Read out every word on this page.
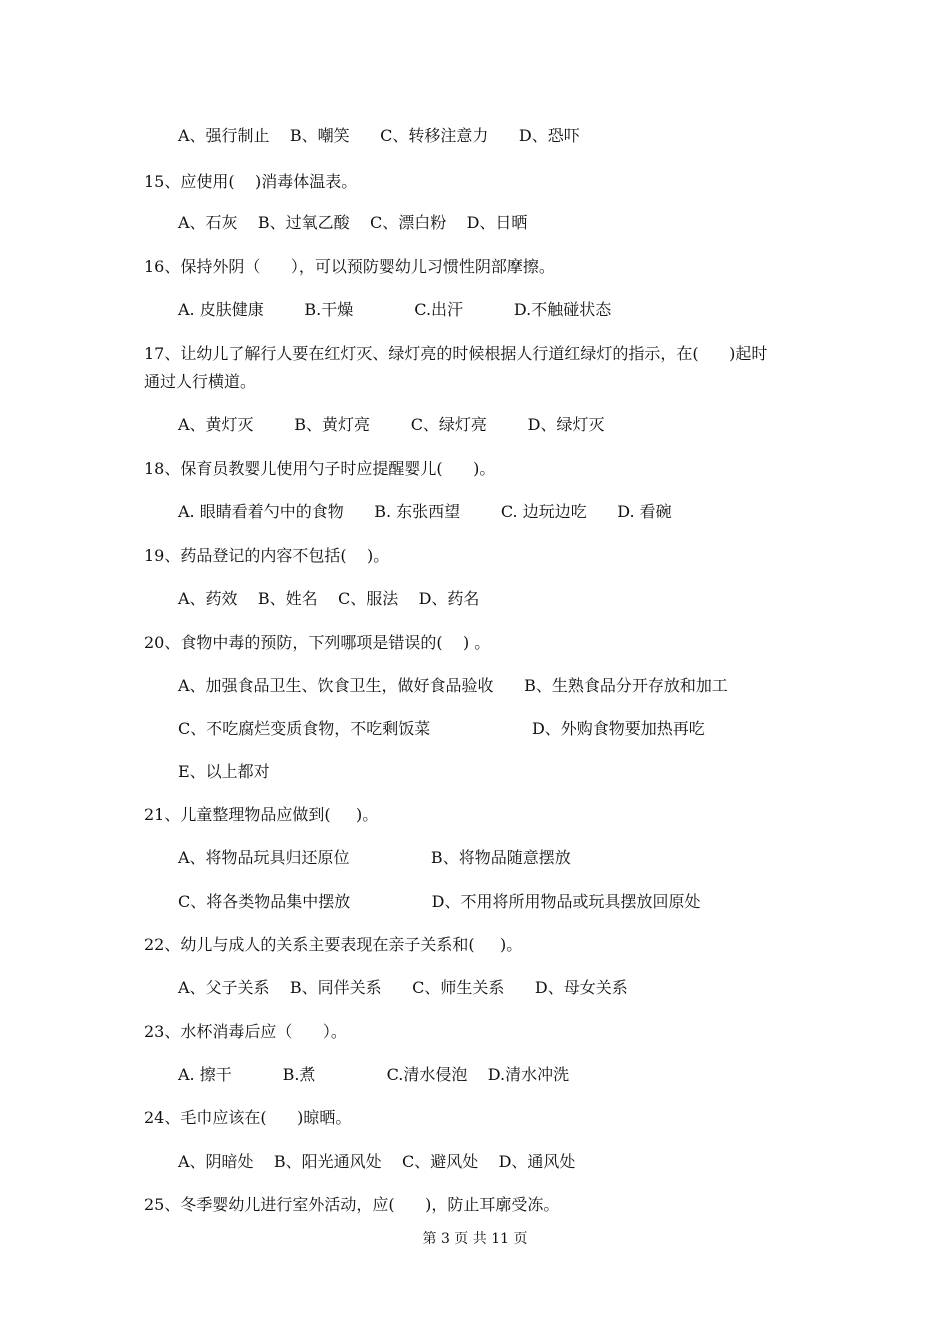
A、强行制止    B、嘲笑      C、转移注意力      D、恐吓
15、应使用(    )消毒体温表。
A、石灰    B、过氧乙酸    C、漂白粉    D、日晒
16、保持外阴（      ），可以预防婴幼儿习惯性阴部摩擦。
A. 皮肤健康        B.干燥            C.出汗          D.不触碰状态
17、让幼儿了解行人要在红灯灭、绿灯亮的时候根据人行道红绿灯的指示，在(      )起时
通过人行横道。
A、黄灯灭        B、黄灯亮        C、绿灯亮        D、绿灯灭
18、保育员教婴儿使用勺子时应提醒婴儿(      )。
A. 眼睛看着勺中的食物      B. 东张西望        C. 边玩边吃      D. 看碗
19、药品登记的内容不包括(    )。
A、药效    B、姓名    C、服法    D、药名
20、食物中毒的预防，下列哪项是错误的(    ) 。
A、加强食品卫生、饮食卫生，做好食品验收      B、生熟食品分开存放和加工
C、不吃腐烂变质食物，不吃剩饭菜                    D、外购食物要加热再吃
E、以上都对
21、儿童整理物品应做到(     )。
A、将物品玩具归还原位                B、将物品随意摆放
C、将各类物品集中摆放                D、不用将所用物品或玩具摆放回原处
22、幼儿与成人的关系主要表现在亲子关系和(     )。
A、父子关系    B、同伴关系      C、师生关系      D、母女关系
23、水杯消毒后应（      ）。
A. 擦干          B.煮              C.清水侵泡    D.清水冲洗
24、毛巾应该在(      )晾晒。
A、阴暗处    B、阳光通风处    C、避风处    D、通风处
25、冬季婴幼儿进行室外活动，应(      )，防止耳廓受冻。
第 3 页 共 11 页
